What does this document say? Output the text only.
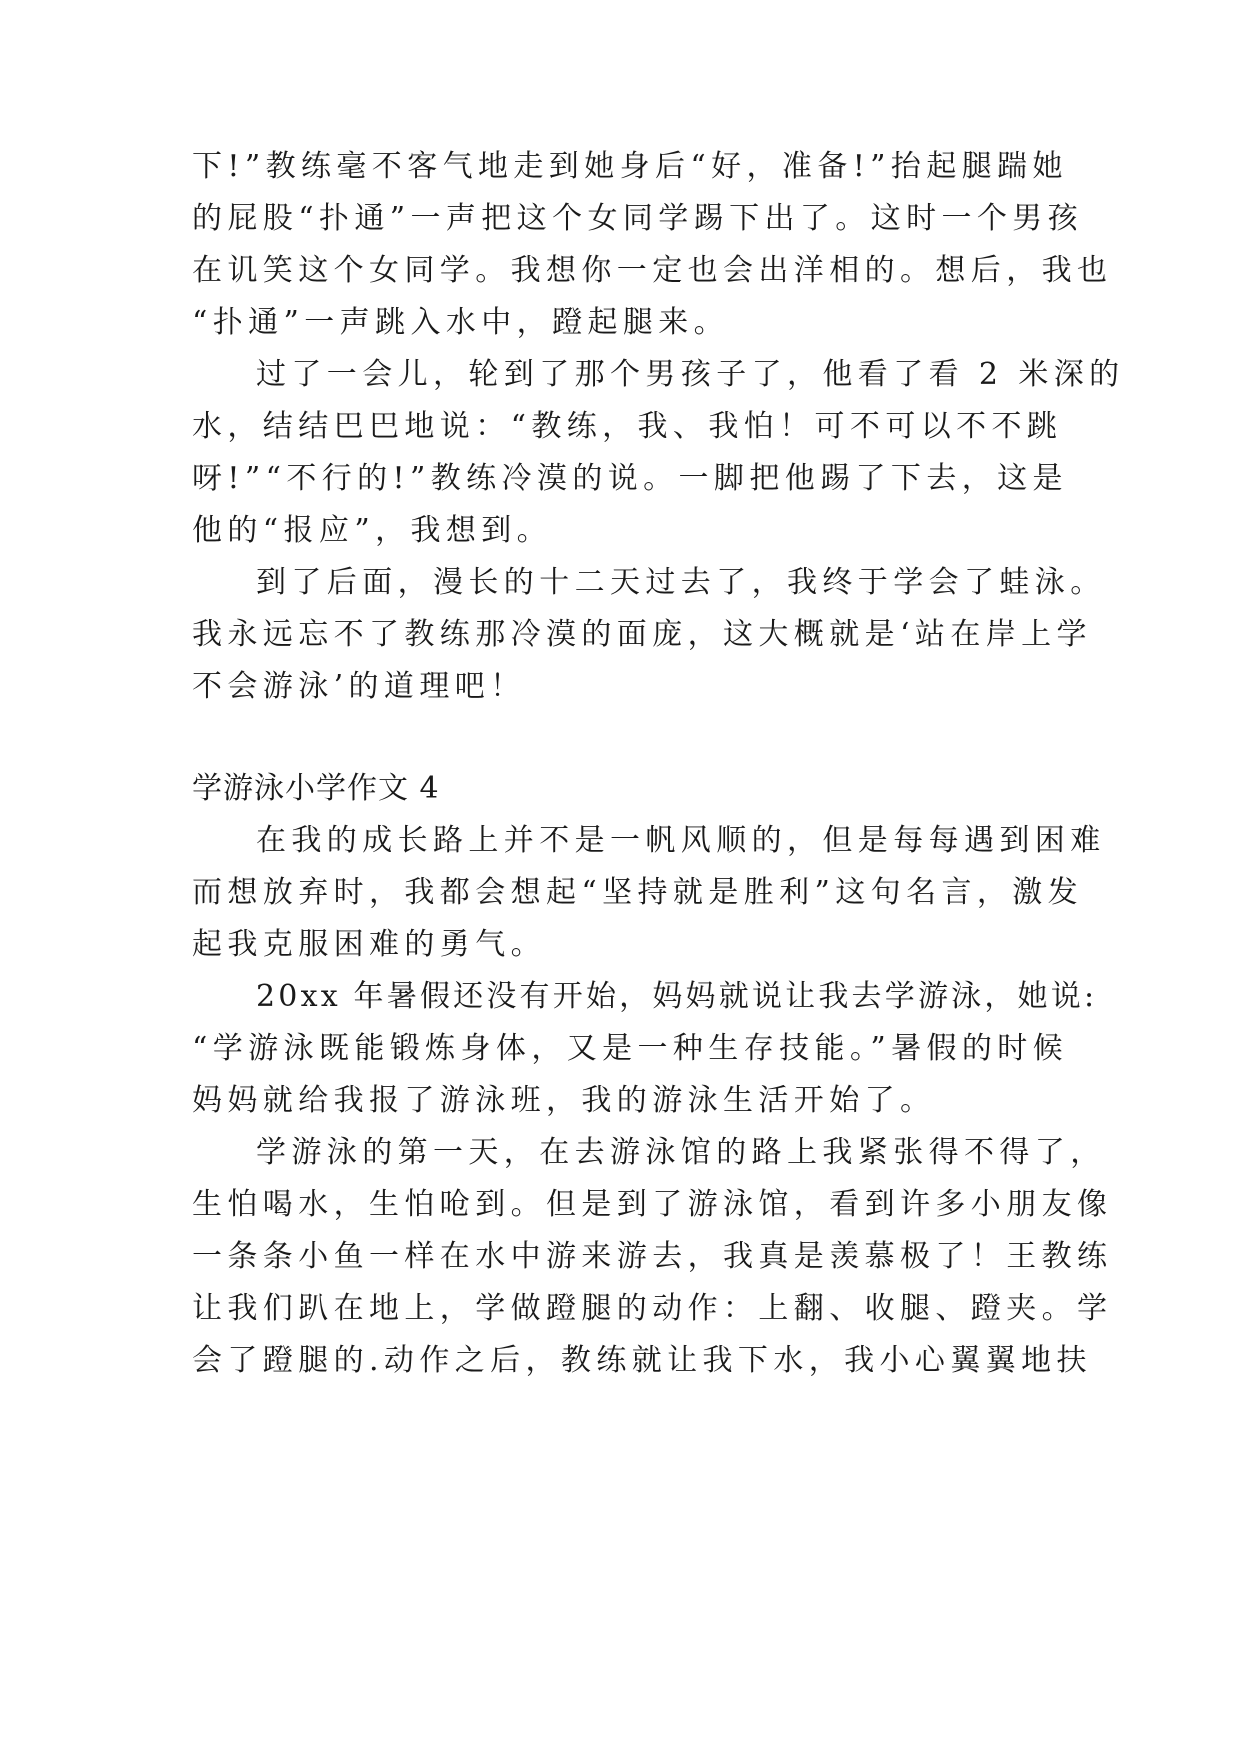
下!”教练毫不客气地走到她身后“好，准备!”抬起腿踹她
的屁股“扑通”一声把这个女同学踢下出了。这时一个男孩
在讥笑这个女同学。我想你一定也会出洋相的。想后，我也
“扑通”一声跳入水中，蹬起腿来。
过了一会儿，轮到了那个男孩子了，他看了看 2 米深的
水，结结巴巴地说：“教练，我、我怕！可不可以不不跳
呀!”“不行的!”教练冷漠的说。一脚把他踢了下去，这是
他的“报应”，我想到。
到了后面，漫长的十二天过去了，我终于学会了蛙泳。
我永远忘不了教练那冷漠的面庞，这大概就是‘站在岸上学
不会游泳’的道理吧！
学游泳小学作文 4
在我的成长路上并不是一帆风顺的，但是每每遇到困难
而想放弃时，我都会想起“坚持就是胜利”这句名言，激发
起我克服困难的勇气。
20xx 年暑假还没有开始，妈妈就说让我去学游泳，她说:
“学游泳既能锻炼身体，又是一种生存技能。”暑假的时候
妈妈就给我报了游泳班，我的游泳生活开始了。
学游泳的第一天，在去游泳馆的路上我紧张得不得了，
生怕喝水，生怕呛到。但是到了游泳馆，看到许多小朋友像
一条条小鱼一样在水中游来游去，我真是羡慕极了！王教练
让我们趴在地上，学做蹬腿的动作：上翻、收腿、蹬夹。学
会了蹬腿的.动作之后，教练就让我下水，我小心翼翼地扶
